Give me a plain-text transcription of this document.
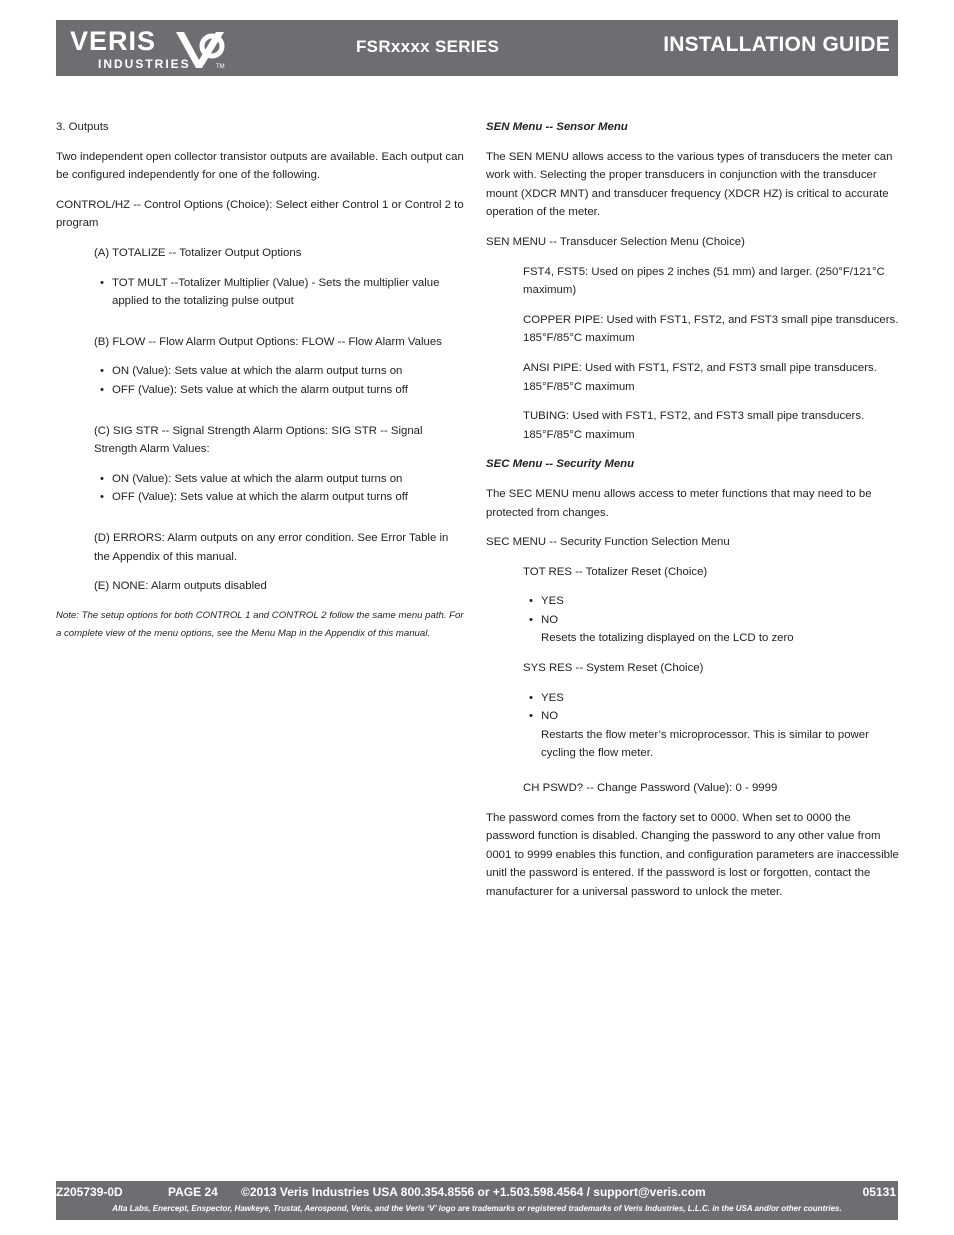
VERIS
INDUSTRIES	TM
FSRxxxx SERIES	INSTALLATION GUIDE

3. Outputs

Two independent open collector transistor outputs are available. Each output can be configured independently for one of the following.

CONTROL/HZ -- Control Options (Choice): Select either Control 1 or Control 2 to program

(A) TOTALIZE -- Totalizer Output Options

• TOT MULT --Totalizer Multiplier (Value) - Sets the multiplier value applied to the totalizing pulse output

(B) FLOW -- Flow Alarm Output Options: FLOW -- Flow Alarm Values

• ON (Value): Sets value at which the alarm output turns on
• OFF (Value): Sets value at which the alarm output turns off

(C) SIG STR -- Signal Strength Alarm Options: SIG STR -- Signal Strength Alarm Values:

• ON (Value): Sets value at which the alarm output turns on
• OFF (Value): Sets value at which the alarm output turns off

(D) ERRORS: Alarm outputs on any error condition. See Error Table in the Appendix of this manual.

(E) NONE: Alarm outputs disabled

Note: The setup options for both CONTROL 1 and CONTROL 2 follow the same menu path. For a complete view of the menu options, see the Menu Map in the Appendix of this manual.

SEN Menu -- Sensor Menu

The SEN MENU allows access to the various types of transducers the meter can work with. Selecting the proper transducers in conjunction with the transducer mount (XDCR MNT) and transducer frequency (XDCR HZ) is critical to accurate operation of the meter.

SEN MENU -- Transducer Selection Menu (Choice)

FST4, FST5: Used on pipes 2 inches (51 mm) and larger. (250°F/121°C maximum)

COPPER PIPE: Used with FST1, FST2, and FST3 small pipe transducers. 185°F/85°C maximum

ANSI PIPE: Used with FST1, FST2, and FST3 small pipe transducers. 185°F/85°C maximum

TUBING: Used with FST1, FST2, and FST3 small pipe transducers. 185°F/85°C maximum

SEC Menu -- Security Menu

The SEC MENU menu allows access to meter functions that may need to be protected from changes.

SEC MENU -- Security Function Selection Menu

TOT RES -- Totalizer Reset (Choice)

• YES
• NO

Resets the totalizing displayed on the LCD to zero

SYS RES -- System Reset (Choice)

• YES
• NO

Restarts the flow meter’s microprocessor. This is similar to power cycling the flow meter.

CH PSWD? -- Change Password (Value): 0 - 9999

The password comes from the factory set to 0000. When set to 0000 the password function is disabled. Changing the password to any other value from 0001 to 9999 enables this function, and configuration parameters are inaccessible unitl the password is entered. If the password is lost or forgotten, contact the manufacturer for a universal password to unlock the meter.

Z205739-0D	PAGE 24 ©2013 Veris Industries USA 800.354.8556 or +1.503.598.4564 / support@veris.com	05131
Alta Labs, Enercept, Enspector, Hawkeye, Trustat, Aerospond, Veris, and the Veris ‘V’ logo are trademarks or registered trademarks of Veris Industries, L.L.C. in the USA and/or other countries.
